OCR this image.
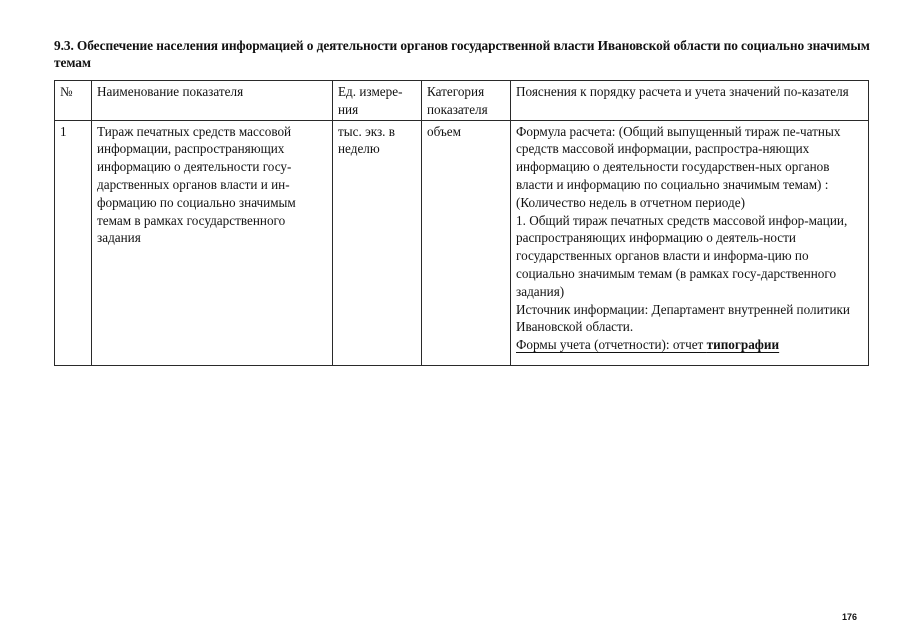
9.3. Обеспечение населения информацией о деятельности органов государственной власти Ивановской области по социально значимым темам
№	Наименование показателя	Ед. измере-ния	Категория показателя	Пояснения к порядку расчета и учета значений по-казателя
1	Тираж печатных средств массовой информации, распространяющих информацию о деятельности госу-дарственных органов власти и ин-формацию по социально значимым темам в рамках государственного задания	тыс. экз. в неделю	объем	Формула расчета: (Общий выпущенный тираж пе-чатных средств массовой информации, распростра-няющих информацию о деятельности государствен-ных органов власти и информацию по социально значимым темам) : (Количество недель в отчетном периоде)
1. Общий тираж печатных средств массовой инфор-мации, распространяющих информацию о деятель-ности государственных органов власти и информа-цию по социально значимым темам (в рамках госу-дарственного задания)
Источник информации: Департамент внутренней политики Ивановской области.
Формы учета (отчетности): отчет типографии
176
